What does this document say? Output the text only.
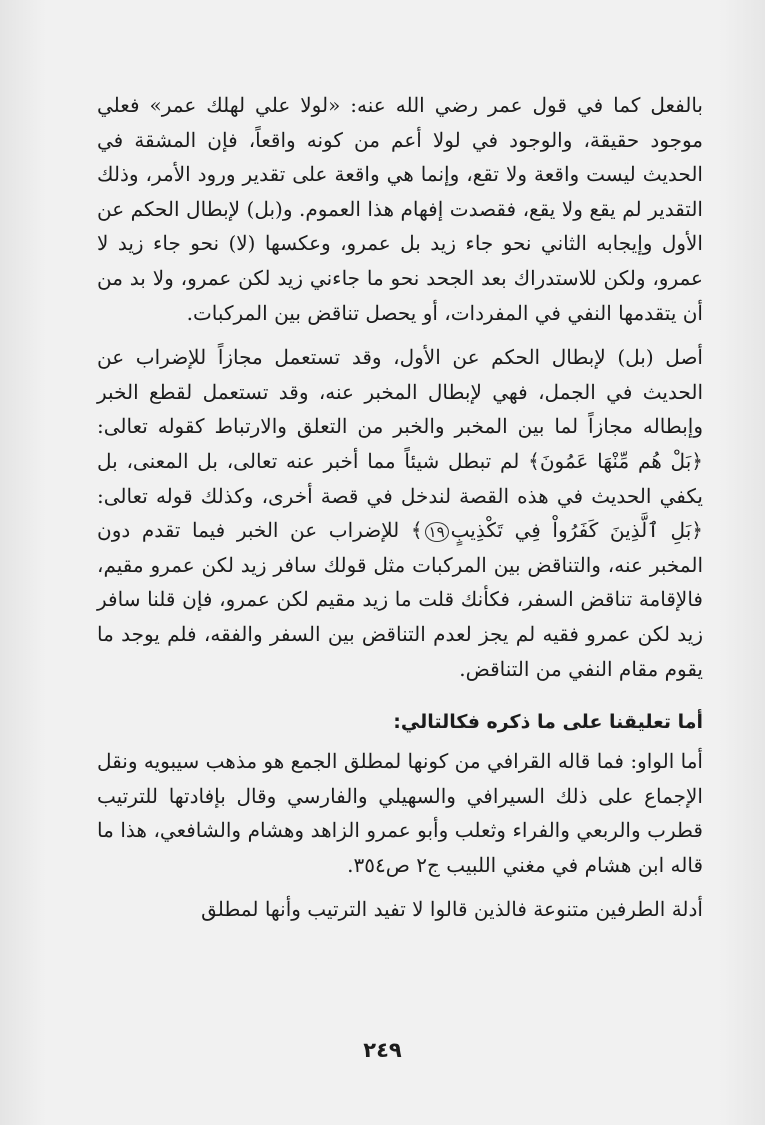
بالفعل كما في قول عمر رضي الله عنه: «لولا علي لهلك عمر» فعلي موجود حقيقة، والوجود في لولا أعم من كونه واقعاً، فإن المشقة في الحديث ليست واقعة ولا تقع، وإنما هي واقعة على تقدير ورود الأمر، وذلك التقدير لم يقع ولا يقع، فقصدت إفهام هذا العموم. و(بل) لإبطال الحكم عن الأول وإيجابه الثاني نحو جاء زيد بل عمرو، وعكسها (لا) نحو جاء زيد لا عمرو، ولكن للاستدراك بعد الجحد نحو ما جاءني زيد لكن عمرو، ولا بد من أن يتقدمها النفي في المفردات، أو يحصل تناقض بين المركبات.

أصل (بل) لإبطال الحكم عن الأول، وقد تستعمل مجازاً للإضراب عن الحديث في الجمل، فهي لإبطال المخبر عنه، وقد تستعمل لقطع الخبر وإبطاله مجازاً لما بين المخبر والخبر من التعلق والارتباط كقوله تعالى: ﴿بَلْ هُم مِّنْهَا عَمُونَ﴾ لم تبطل شيئاً مما أخبر عنه تعالى، بل المعنى، بل يكفي الحديث في هذه القصة لندخل في قصة أخرى، وكذلك قوله تعالى: ﴿بَلِ ٱلَّذِينَ كَفَرُواْ فِي تَكْذِيبٍ١٩﴾ للإضراب عن الخبر فيما تقدم دون المخبر عنه، والتناقض بين المركبات مثل قولك سافر زيد لكن عمرو مقيم، فالإقامة تناقض السفر، فكأنك قلت ما زيد مقيم لكن عمرو، فإن قلنا سافر زيد لكن عمرو فقيه لم يجز لعدم التناقض بين السفر والفقه، فلم يوجد ما يقوم مقام النفي من التناقض.

أما تعليقنا على ما ذكره فكالتالي:

أما الواو: فما قاله القرافي من كونها لمطلق الجمع هو مذهب سيبويه ونقل الإجماع على ذلك السيرافي والسهيلي والفارسي وقال بإفادتها للترتيب قطرب والربعي والفراء وثعلب وأبو عمرو الزاهد وهشام والشافعي، هذا ما قاله ابن هشام في مغني اللبيب ج٢ ص٣٥٤.

أدلة الطرفين متنوعة فالذين قالوا لا تفيد الترتيب وأنها لمطلق

٢٤٩
